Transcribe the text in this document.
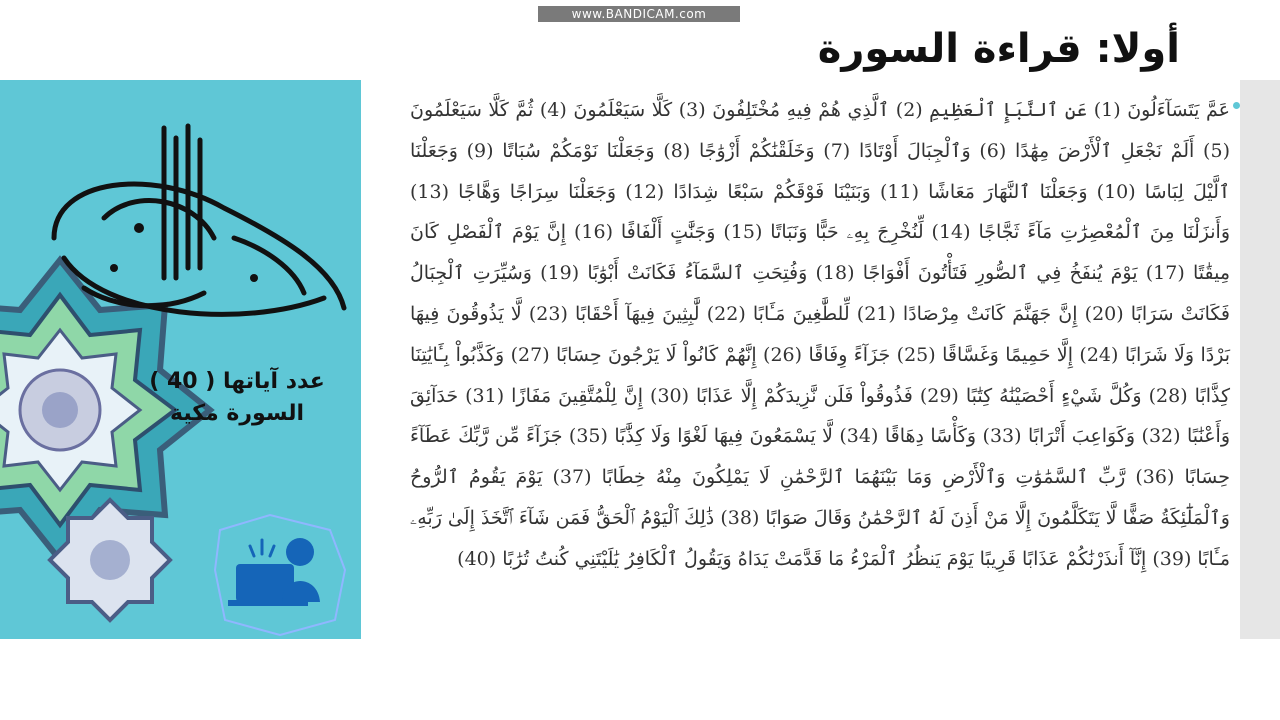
www.BANDICAM.com
أولا: قراءة السورة
عدد آياتها ( 40 )
السورة مكية
عَمَّ يَتَسَآءَلُونَ (1) عَنِ ٱلنَّبَإِ ٱلْعَظِيمِ (2) ٱلَّذِي هُمْ فِيهِ مُخْتَلِفُونَ (3) كَلَّا سَيَعْلَمُونَ (4) ثُمَّ كَلَّا سَيَعْلَمُونَ (5) أَلَمْ نَجْعَلِ ٱلْأَرْضَ مِهَٰدًا (6) وَٱلْجِبَالَ أَوْتَادًا (7) وَخَلَقْنَٰكُمْ أَزْوَٰجًا (8) وَجَعَلْنَا نَوْمَكُمْ سُبَاتًا (9) وَجَعَلْنَا ٱلَّيْلَ لِبَاسًا (10) وَجَعَلْنَا ٱلنَّهَارَ مَعَاشًا (11) وَبَنَيْنَا فَوْقَكُمْ سَبْعًا شِدَادًا (12) وَجَعَلْنَا سِرَاجًا وَهَّاجًا (13) وَأَنزَلْنَا مِنَ ٱلْمُعْصِرَٰتِ مَآءً ثَجَّاجًا (14) لِّنُخْرِجَ بِهِۦ حَبًّا وَنَبَاتًا (15) وَجَنَّٰتٍ أَلْفَافًا (16) إِنَّ يَوْمَ ٱلْفَصْلِ كَانَ مِيقَٰتًا (17) يَوْمَ يُنفَخُ فِي ٱلصُّورِ فَتَأْتُونَ أَفْوَاجًا (18) وَفُتِحَتِ ٱلسَّمَآءُ فَكَانَتْ أَبْوَٰبًا (19) وَسُيِّرَتِ ٱلْجِبَالُ فَكَانَتْ سَرَابًا (20) إِنَّ جَهَنَّمَ كَانَتْ مِرْصَادًا (21) لِّلطَّٰغِينَ مَـَٔابًا (22) لَّٰبِثِينَ فِيهَآ أَحْقَابًا (23) لَّا يَذُوقُونَ فِيهَا بَرْدًا وَلَا شَرَابًا (24) إِلَّا حَمِيمًا وَغَسَّاقًا (25) جَزَآءً وِفَاقًا (26) إِنَّهُمْ كَانُواْ لَا يَرْجُونَ حِسَابًا (27) وَكَذَّبُواْ بِـَٔايَٰتِنَا كِذَّابًا (28) وَكُلَّ شَيْءٍ أَحْصَيْنَٰهُ كِتَٰبًا (29) فَذُوقُواْ فَلَن نَّزِيدَكُمْ إِلَّا عَذَابًا (30) إِنَّ لِلْمُتَّقِينَ مَفَازًا (31) حَدَآئِقَ وَأَعْنَٰبًا (32) وَكَوَاعِبَ أَتْرَابًا (33) وَكَأْسًا دِهَاقًا (34) لَّا يَسْمَعُونَ فِيهَا لَغْوًا وَلَا كِذَّٰبًا (35) جَزَآءً مِّن رَّبِّكَ عَطَآءً حِسَابًا (36) رَّبِّ ٱلسَّمَٰوَٰتِ وَٱلْأَرْضِ وَمَا بَيْنَهُمَا ٱلرَّحْمَٰنِ لَا يَمْلِكُونَ مِنْهُ خِطَابًا (37) يَوْمَ يَقُومُ ٱلرُّوحُ وَٱلْمَلَٰٓئِكَةُ صَفًّا لَّا يَتَكَلَّمُونَ إِلَّا مَنْ أَذِنَ لَهُ ٱلرَّحْمَٰنُ وَقَالَ صَوَابًا (38) ذَٰلِكَ ٱلْيَوْمُ ٱلْحَقُّ فَمَن شَآءَ ٱتَّخَذَ إِلَىٰ رَبِّهِۦ مَـَٔابًا (39) إِنَّآ أَنذَرْنَٰكُمْ عَذَابًا قَرِيبًا يَوْمَ يَنظُرُ ٱلْمَرْءُ مَا قَدَّمَتْ يَدَاهُ وَيَقُولُ ٱلْكَافِرُ يَٰلَيْتَنِي كُنتُ تُرَٰبًا (40)
